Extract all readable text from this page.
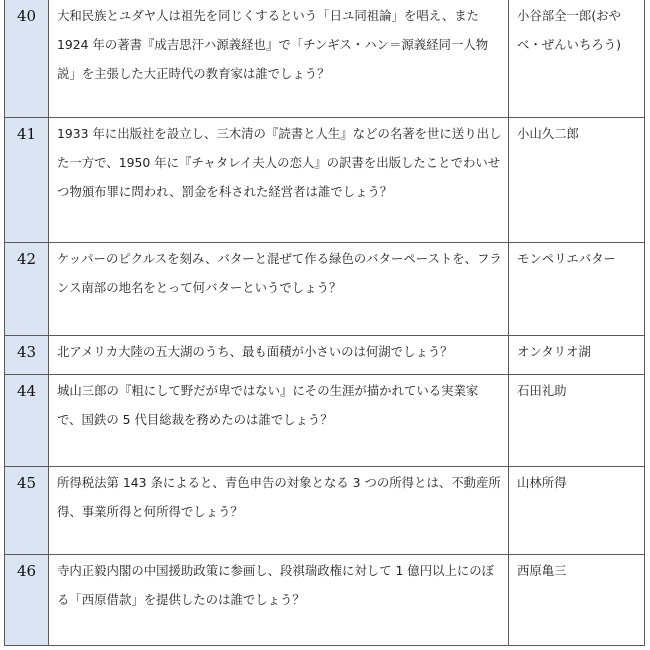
40	大和民族とユダヤ人は祖先を同じくするという「日ユ同祖論」を唱え、また 1924 年の著書『成吉思汗ハ源義経也』で「チンギス・ハン＝源義経同一人物説」を主張した大正時代の教育家は誰でしょう？	小谷部全一郎(おやべ・ぜんいちろう)

41	1933 年に出版社を設立し、三木清の『読書と人生』などの名著を世に送り出した一方で、1950 年に『チャタレイ夫人の恋人』の訳書を出版したことでわいせつ物頒布罪に問われ、罰金を科された経営者は誰でしょう？	小山久二郎

42	ケッパーのピクルスを刻み、バターと混ぜて作る緑色のバターペーストを、フランス南部の地名をとって何バターというでしょう？	モンペリエバター

43	北アメリカ大陸の五大湖のうち、最も面積が小さいのは何湖でしょう？	オンタリオ湖

44	城山三郎の『粗にして野だが卑ではない』にその生涯が描かれている実業家で、国鉄の 5 代目総裁を務めたのは誰でしょう？	石田礼助

45	所得税法第 143 条によると、青色申告の対象となる 3 つの所得とは、不動産所得、事業所得と何所得でしょう？	山林所得

46	寺内正毅内閣の中国援助政策に参画し、段祺瑞政権に対して 1 億円以上にのぼる「西原借款」を提供したのは誰でしょう？	西原亀三
